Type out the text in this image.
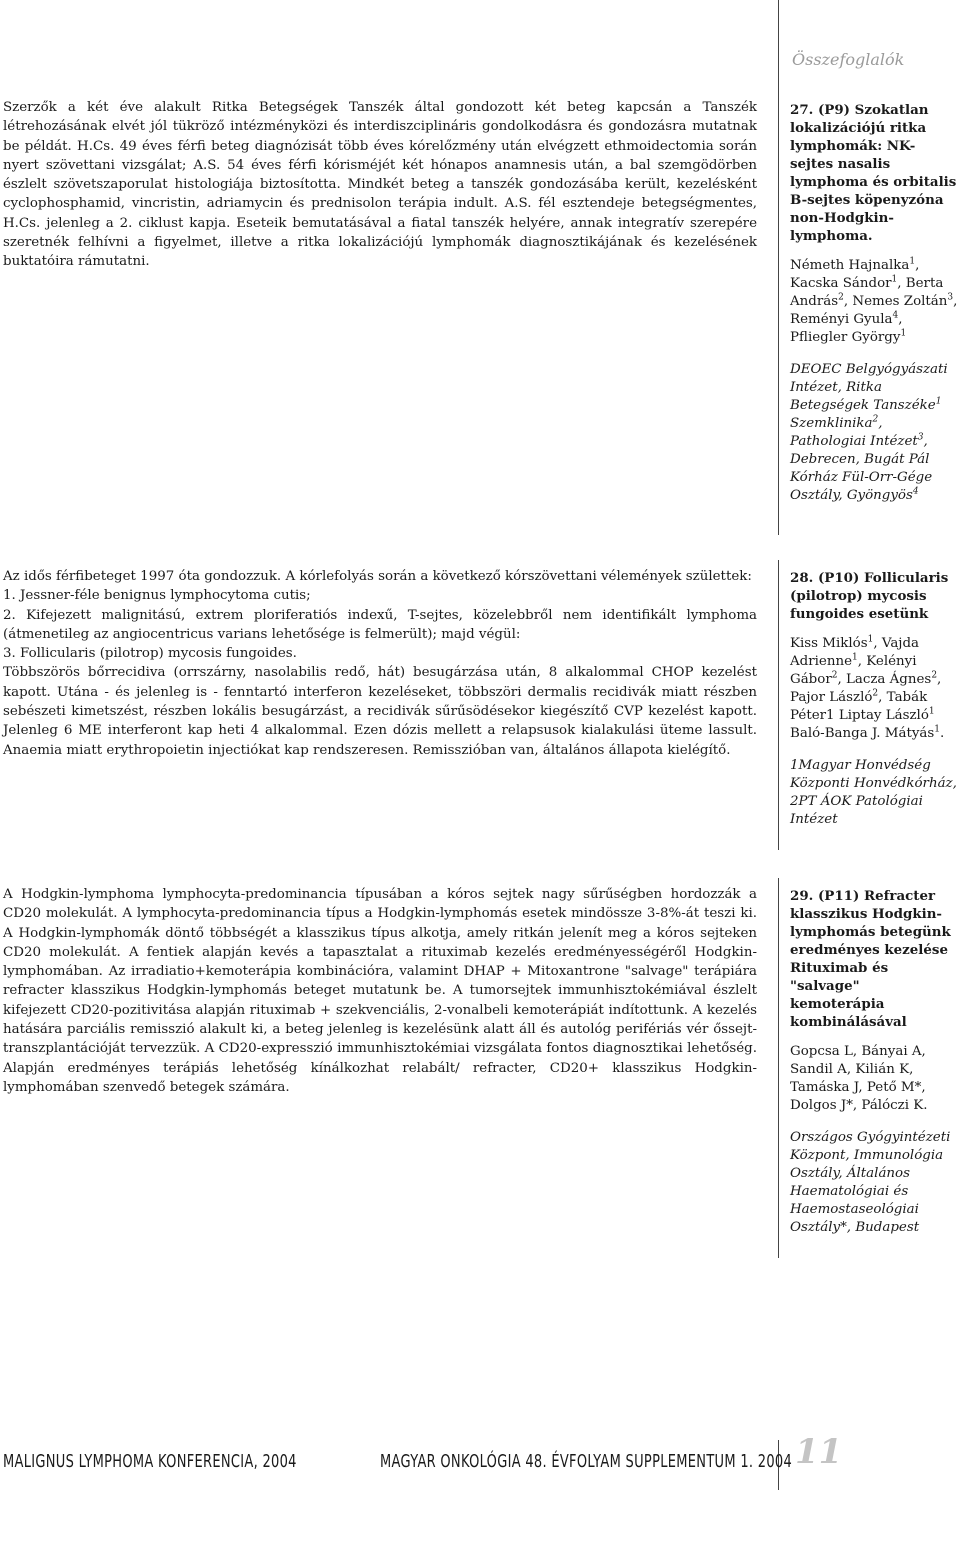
Összefoglalók

Szerzők a két éve alakult Ritka Betegségek Tanszék által gondozott két beteg kapcsán a Tanszék létrehozásának elvét jól tükröző intézményközi és interdiszciplináris gondolkodásra és gondozásra mutatnak be példát. H.Cs. 49 éves férfi beteg diagnózisát több éves kórelőzmény után elvégzett ethmoidectomia során nyert szövettani vizsgálat; A.S. 54 éves férfi kórisméjét két hónapos anamnesis után, a bal szemgödörben észlelt szövetszaporulat histologiája biztosította. Mindkét beteg a tanszék gondozásába került, kezelésként cyclophosphamid, vincristin, adriamycin és prednisolon terápia indult. A.S. fél esztendeje betegségmentes, H.Cs. jelenleg a 2. ciklust kapja. Eseteik bemutatásával a fiatal tanszék helyére, annak integratív szerepére szeretnék felhívni a figyelmet, illetve a ritka lokalizációjú lymphomák diagnosztikájának és kezelésének buktatóira rámutatni.

27. (P9) Szokatlan lokalizációjú ritka lymphomák: NK-sejtes nasalis lymphoma és orbitalis B-sejtes köpenyzóna non-Hodgkin-lymphoma.

Németh Hajnalka$^1$, Kacska Sándor$^1$, Berta András$^2$, Nemes Zoltán$^3$, Reményi Gyula$^4$, Pfliegler György$^1$

DEOEC Belgyógyászati Intézet, Ritka Betegségek Tanszéke$^1$ Szemklinika$^2$, Pathologiai Intézet$^3$, Debrecen, Bugát Pál Kórház Fül-Orr-Gége Osztály, Gyöngyös$^4$

Az idős férfibeteget 1997 óta gondozzuk. A kórlefolyás során a következő kórszövettani vélemények születtek:

1. Jessner-féle benignus lymphocytoma cutis;

2. Kifejezett malignitású, extrem ploriferatiós indexű, T-sejtes, közelebbről nem identifikált lymphoma (átmenetileg az angiocentricus varians lehetősége is felmerült); majd végül:

3. Follicularis (pilotrop) mycosis fungoides.

Többszörös bőrrecidiva (orrszárny, nasolabilis redő, hát) besugárzása után, 8 alkalommal CHOP kezelést kapott. Utána - és jelenleg is - fenntartó interferon kezeléseket, többszöri dermalis recidivák miatt részben sebészeti kimetszést, részben lokális besugárzást, a recidivák sűrűsödésekor kiegészítő CVP kezelést kapott. Jelenleg 6 ME interferont kap heti 4 alkalommal. Ezen dózis mellett a relapsusok kialakulási üteme lassult. Anaemia miatt erythropoietin injectiókat kap rendszeresen. Remisszióban van, általános állapota kielégítő.

28. (P10) Follicularis (pilotrop) mycosis fungoides esetünk

Kiss Miklós$^1$, Vajda Adrienne$^1$, Kelényi Gábor$^2$, Lacza Ágnes$^2$, Pajor László$^2$, Tabák Péter1 Liptay László$^1$ Baló-Banga J. Mátyás$^1$.

1Magyar Honvédség Központi Honvédkórház, 2PT ÁOK Patológiai Intézet

A Hodgkin-lymphoma lymphocyta-predominancia típusában a kóros sejtek nagy sűrűségben hordozzák a CD20 molekulát. A lymphocyta-predominancia típus a Hodgkin-lymphomás esetek mindössze 3-8%-át teszi ki. A Hodgkin-lymphomák döntő többségét a klasszikus típus alkotja, amely ritkán jelenít meg a kóros sejteken CD20 molekulát. A fentiek alapján kevés a tapasztalat a rituximab kezelés eredményességéről Hodgkin-lymphomában. Az irradiatio+kemoterápia kombinációra, valamint DHAP + Mitoxantrone "salvage" terápiára refracter klasszikus Hodgkin-lymphomás beteget mutatunk be. A tumorsejtek immunhisztokémiával észlelt kifejezett CD20-pozitivitása alapján rituximab + szekvenciális, 2-vonalbeli kemoterápiát indítottunk. A kezelés hatására parciális remisszió alakult ki, a beteg jelenleg is kezelésünk alatt áll és autológ perifériás vér őssejt-transzplantációját tervezzük. A CD20-expresszió immunhisztokémiai vizsgálata fontos diagnosztikai lehetőség. Alapján eredményes terápiás lehetőség kínálkozhat relabált/ refracter, CD20+ klasszikus Hodgkin-lymphomában szenvedő betegek számára.

29. (P11) Refracter klasszikus Hodgkin-lymphomás betegünk eredményes kezelése Rituximab és "salvage" kemoterápia kombinálásával

Gopcsa L, Bányai A, Sandil A, Kilián K, Tamáska J, Pető M*, Dolgos J*, Pálóczi K.

Országos Gyógyintézeti Központ, Immunológia Osztály, Általános Haematológiai és Haemostaseológiai Osztály*, Budapest

MALIGNUS LYMPHOMA KONFERENCIA, 2004	MAGYAR ONKOLÓGIA 48. ÉVFOLYAM SUPPLEMENTUM 1. 2004 11
